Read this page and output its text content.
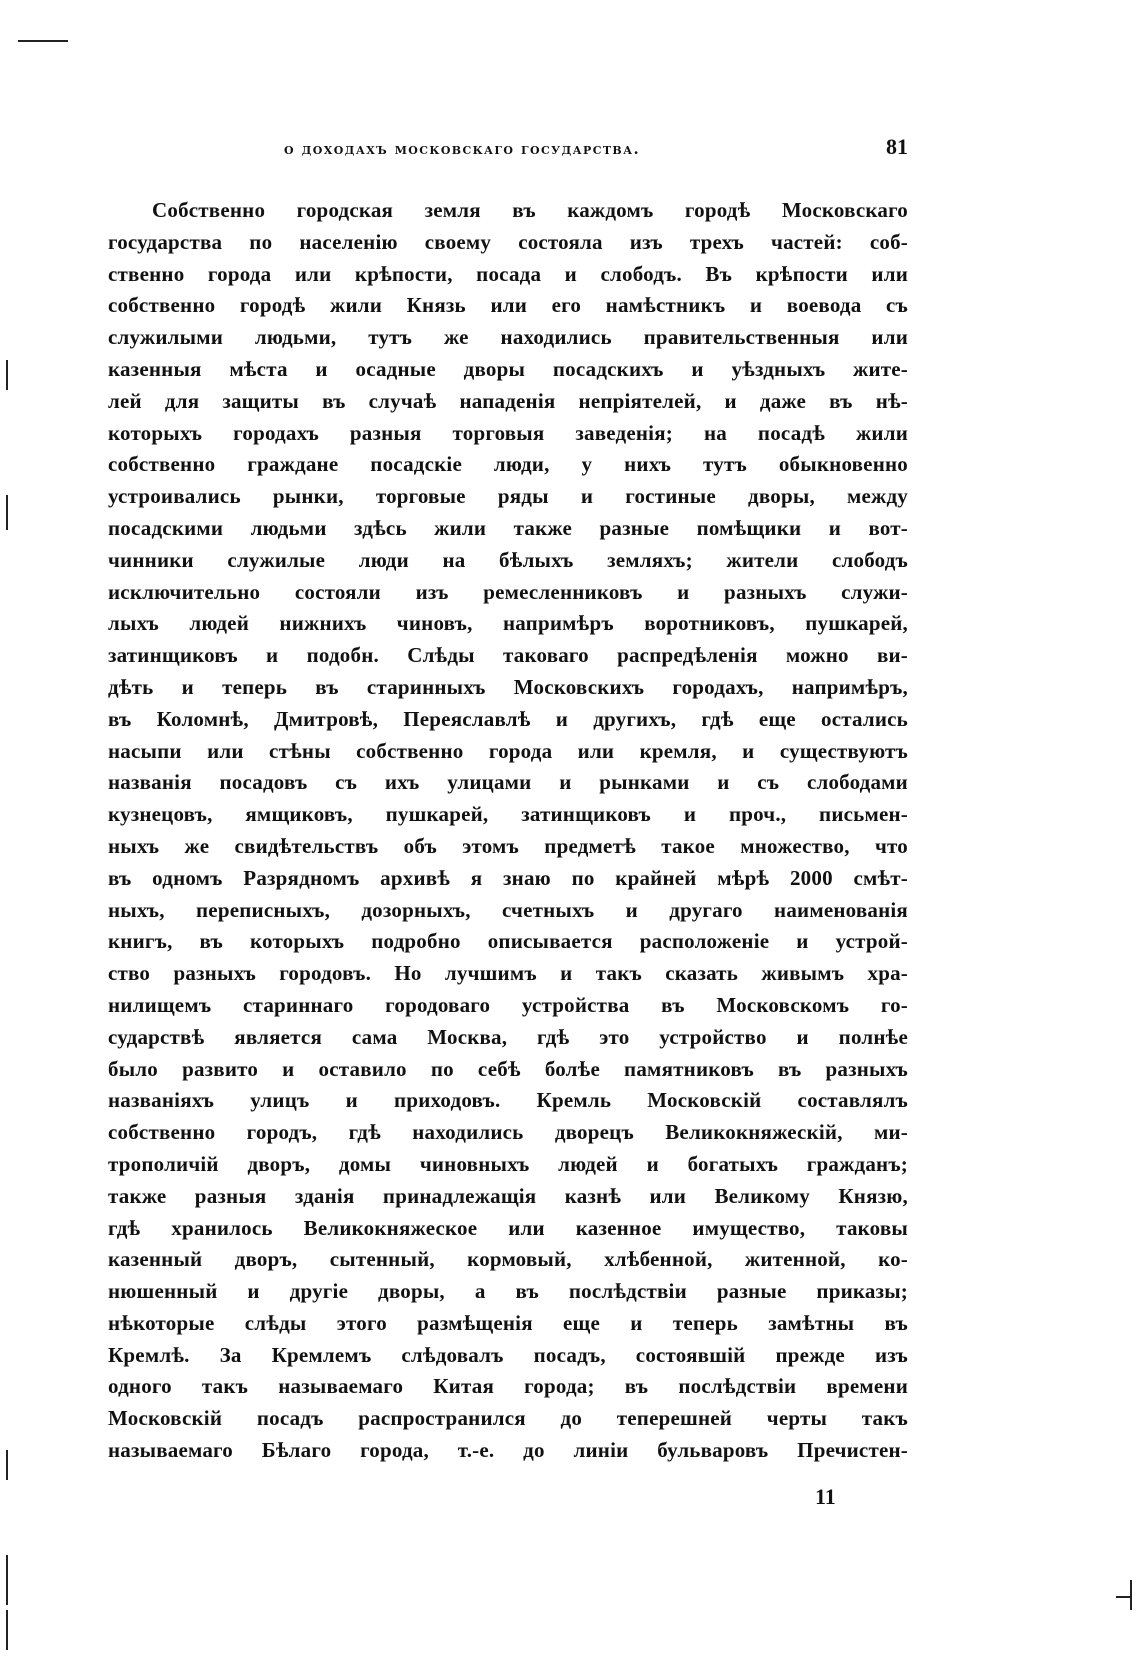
о доходахъ московскаго государства.	81
Собственно городская земля въ каждомъ городѣ Московскаго
государства по населенію своему состояла изъ трехъ частей: соб-
ственно города или крѣпости, посада и слободъ. Въ крѣпости или
собственно городѣ жили Князь или его намѣстникъ и воевода съ
служилыми людьми, тутъ же находились правительственныя или
казенныя мѣста и осадные дворы посадскихъ и уѣздныхъ жите-
лей для защиты въ случаѣ нападенія непріятелей, и даже въ нѣ-
которыхъ городахъ разныя торговыя заведенія; на посадѣ жили
собственно граждане посадскіе люди, у нихъ тутъ обыкновенно
устроивались рынки, торговые ряды и гостиные дворы, между
посадскими людьми здѣсь жили также разные помѣщики и вот-
чинники служилые люди на бѣлыхъ земляхъ; жители слободъ
исключительно состояли изъ ремесленниковъ и разныхъ служи-
лыхъ людей нижнихъ чиновъ, напримѣръ воротниковъ, пушкарей,
затинщиковъ и подобн. Слѣды таковаго распредѣленія можно ви-
дѣть и теперь въ старинныхъ Московскихъ городахъ, напримѣръ,
въ Коломнѣ, Дмитровѣ, Переяславлѣ и другихъ, гдѣ еще остались
насыпи или стѣны собственно города или кремля, и существуютъ
названія посадовъ съ ихъ улицами и рынками и съ слободами
кузнецовъ, ямщиковъ, пушкарей, затинщиковъ и проч., письмен-
ныхъ же свидѣтельствъ объ этомъ предметѣ такое множество, что
въ одномъ Разрядномъ архивѣ я знаю по крайней мѣрѣ 2000 смѣт-
ныхъ, переписныхъ, дозорныхъ, счетныхъ и другаго наименованія
книгъ, въ которыхъ подробно описывается расположеніе и устрой-
ство разныхъ городовъ. Но лучшимъ и такъ сказать живымъ хра-
нилищемъ стариннаго городоваго устройства въ Московскомъ го-
сударствѣ является сама Москва, гдѣ это устройство и полнѣе
было развито и оставило по себѣ болѣе памятниковъ въ разныхъ
названіяхъ улицъ и приходовъ. Кремль Московскій составлялъ
собственно городъ, гдѣ находились дворецъ Великокняжескій, ми-
трополичій дворъ, домы чиновныхъ людей и богатыхъ гражданъ;
также разныя зданія принадлежащія казнѣ или Великому Князю,
гдѣ хранилось Великокняжеское или казенное имущество, таковы
казенный дворъ, сытенный, кормовый, хлѣбенной, житенной, ко-
нюшенный и другіе дворы, а въ послѣдствіи разные приказы;
нѣкоторые слѣды этого размѣщенія еще и теперь замѣтны въ
Кремлѣ. За Кремлемъ слѣдовалъ посадъ, состоявшій прежде изъ
одного такъ называемаго Китая города; въ послѣдствіи времени
Московскій посадъ распространился до теперешней черты такъ
называемаго Бѣлаго города, т.-е. до линіи бульваровъ Пречистен-
11
